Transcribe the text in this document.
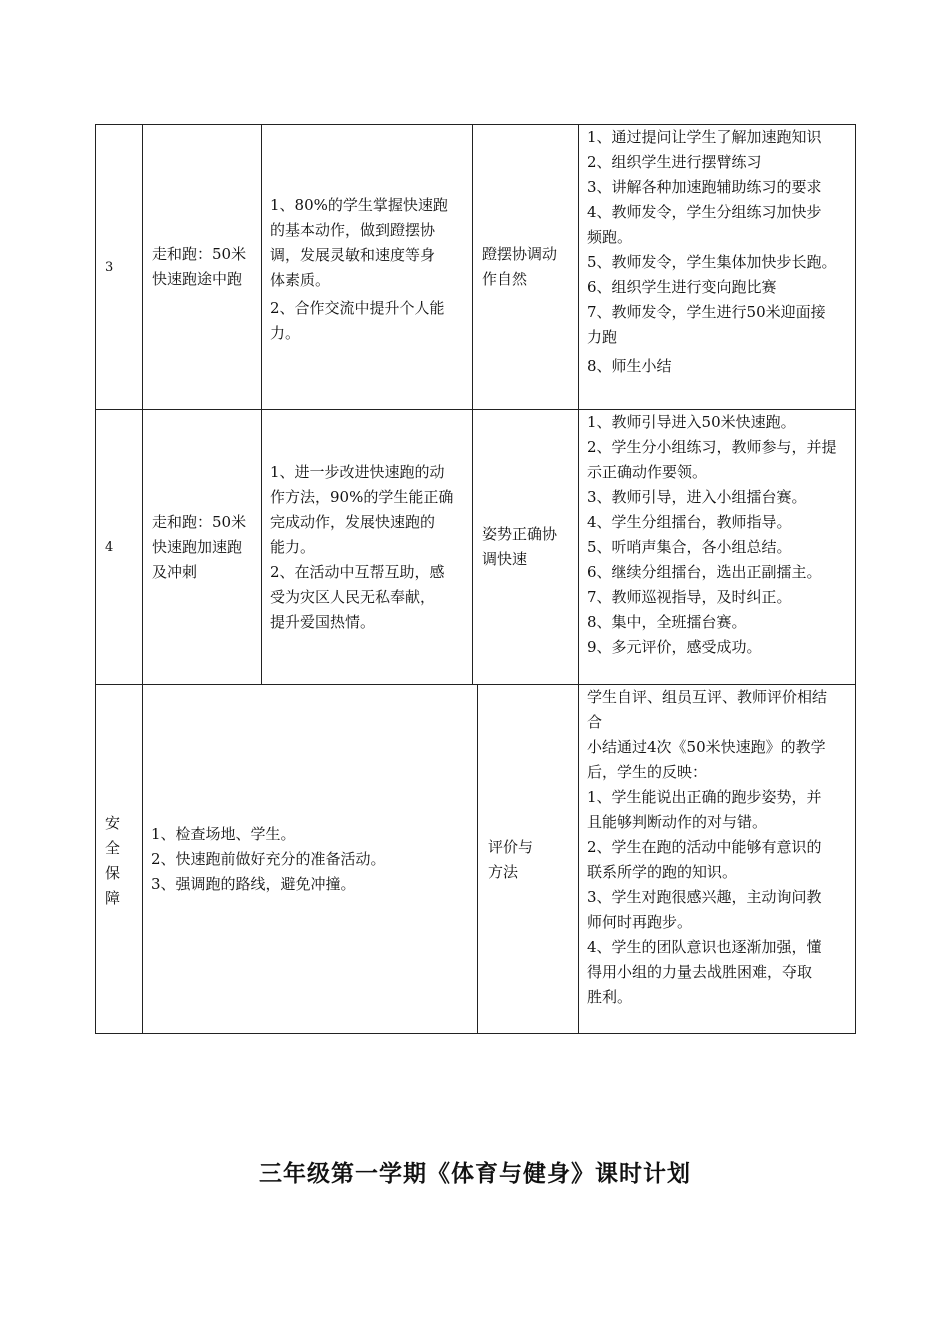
3
走和跑：50米
快速跑途中跑
1、80%的学生掌握快速跑
的基本动作，做到蹬摆协
调，发展灵敏和速度等身
体素质。
2、合作交流中提升个人能
力。
蹬摆协调动
作自然
1、通过提问让学生了解加速跑知识
2、组织学生进行摆臂练习
3、讲解各种加速跑辅助练习的要求
4、教师发令，学生分组练习加快步
频跑。
5、教师发令，学生集体加快步长跑。
6、组织学生进行变向跑比赛
7、教师发令，学生进行50米迎面接
力跑
8、师生小结
4
走和跑：50米
快速跑加速跑
及冲刺
1、进一步改进快速跑的动
作方法，90%的学生能正确
完成动作，发展快速跑的
能力。
2、在活动中互帮互助，感
受为灾区人民无私奉献，
提升爱国热情。
姿势正确协
调快速
1、教师引导进入50米快速跑。
2、学生分小组练习，教师参与，并提
示正确动作要领。
3、教师引导，进入小组擂台赛。
4、学生分组擂台，教师指导。
5、听哨声集合，各小组总结。
6、继续分组擂台，选出正副擂主。
7、教师巡视指导，及时纠正。
8、集中，全班擂台赛。
9、多元评价，感受成功。
安
全
保
障
1、检查场地、学生。
2、快速跑前做好充分的准备活动。
3、强调跑的路线，避免冲撞。
评价与
方法
学生自评、组员互评、教师评价相结
合
小结通过4次《50米快速跑》的教学
后，学生的反映：
1、学生能说出正确的跑步姿势，并
且能够判断动作的对与错。
2、学生在跑的活动中能够有意识的
联系所学的跑的知识。
3、学生对跑很感兴趣，主动询问教
师何时再跑步。
4、学生的团队意识也逐渐加强，懂
得用小组的力量去战胜困难，夺取
胜利。
三年级第一学期《体育与健身》课时计划
